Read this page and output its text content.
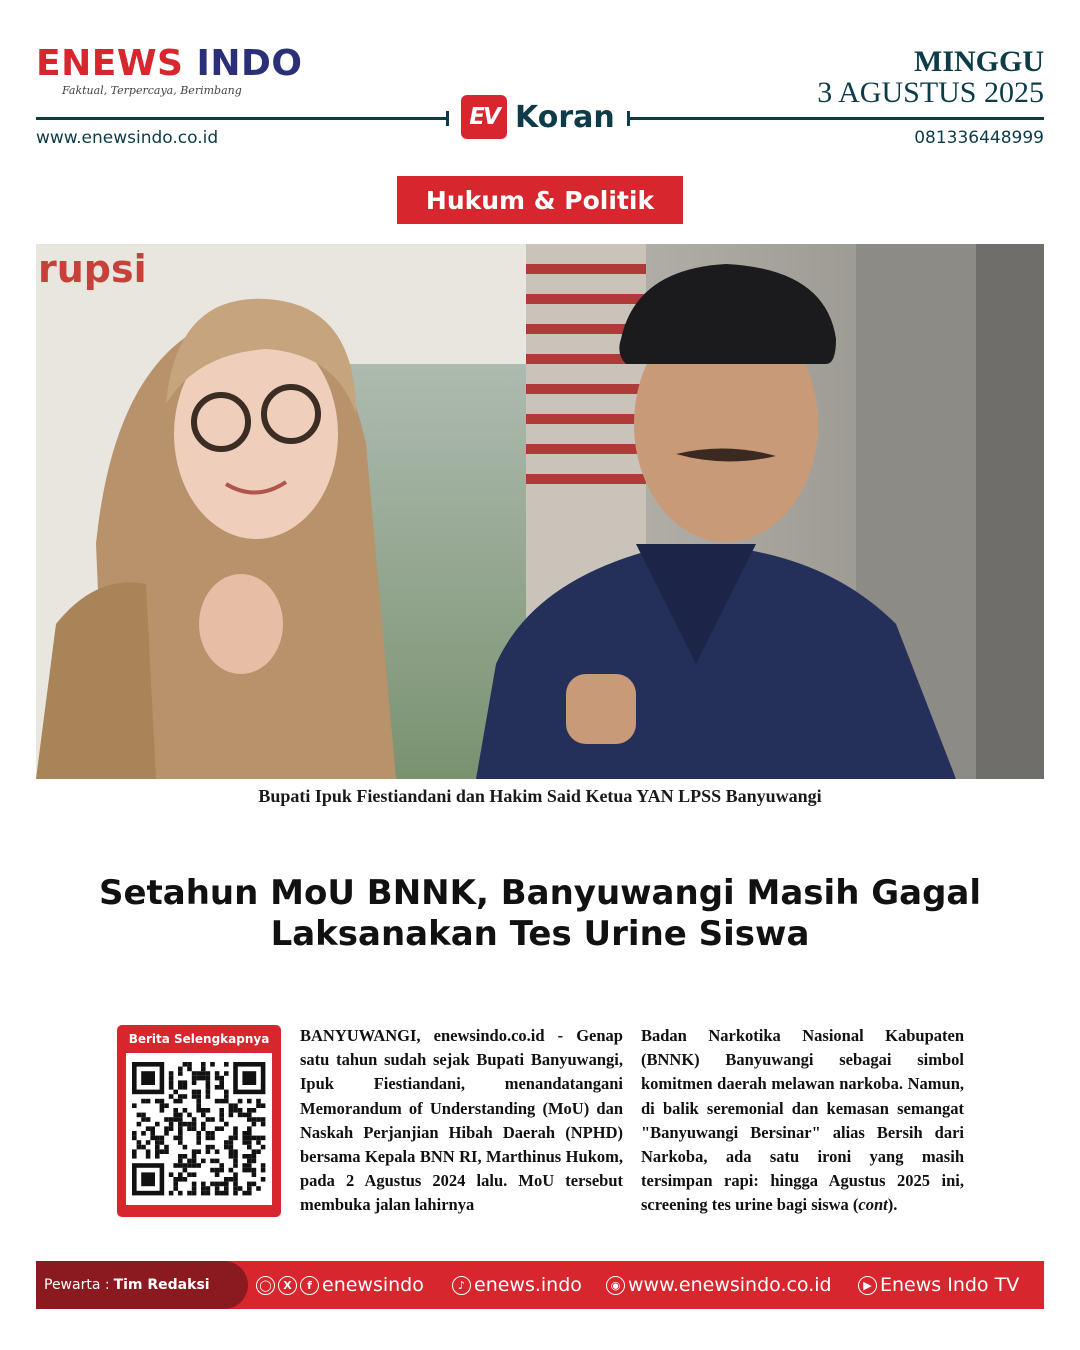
ENEWS INDO
Faktual, Terpercaya, Berimbang
MINGGU
3 AGUSTUS 2025
EV Koran
www.enewsindo.co.id	081336448999
Hukum & Politik
rupsi
Bupati Ipuk Fiestiandani dan Hakim Said Ketua YAN LPSS Banyuwangi
Setahun MoU BNNK, Banyuwangi Masih Gagal
Laksanakan Tes Urine Siswa
Berita Selengkapnya	BANYUWANGI, enewsindo.co.id - Genap satu tahun sudah sejak Bupati Banyuwangi, Ipuk Fiestiandani, menandatangani Memorandum of Understanding (MoU) dan Naskah Perjanjian Hibah Daerah (NPHD) bersama Kepala BNN RI, Marthinus Hukom, pada 2 Agustus 2024 lalu. MoU tersebut membuka jalan lahirnya
Badan Narkotika Nasional Kabupaten (BNNK) Banyuwangi sebagai simbol komitmen daerah melawan narkoba. Namun, di balik seremonial dan kemasan semangat "Banyuwangi Bersinar" alias Bersih dari Narkoba, ada satu ironi yang masih tersimpan rapi: hingga Agustus 2025 ini, screening tes urine bagi siswa (cont).
Pewarta : Tim Redaksi	◯	X	f enewsindo	♪ enews.indo	◉ www.enewsindo.co.id	▶ Enews Indo TV
